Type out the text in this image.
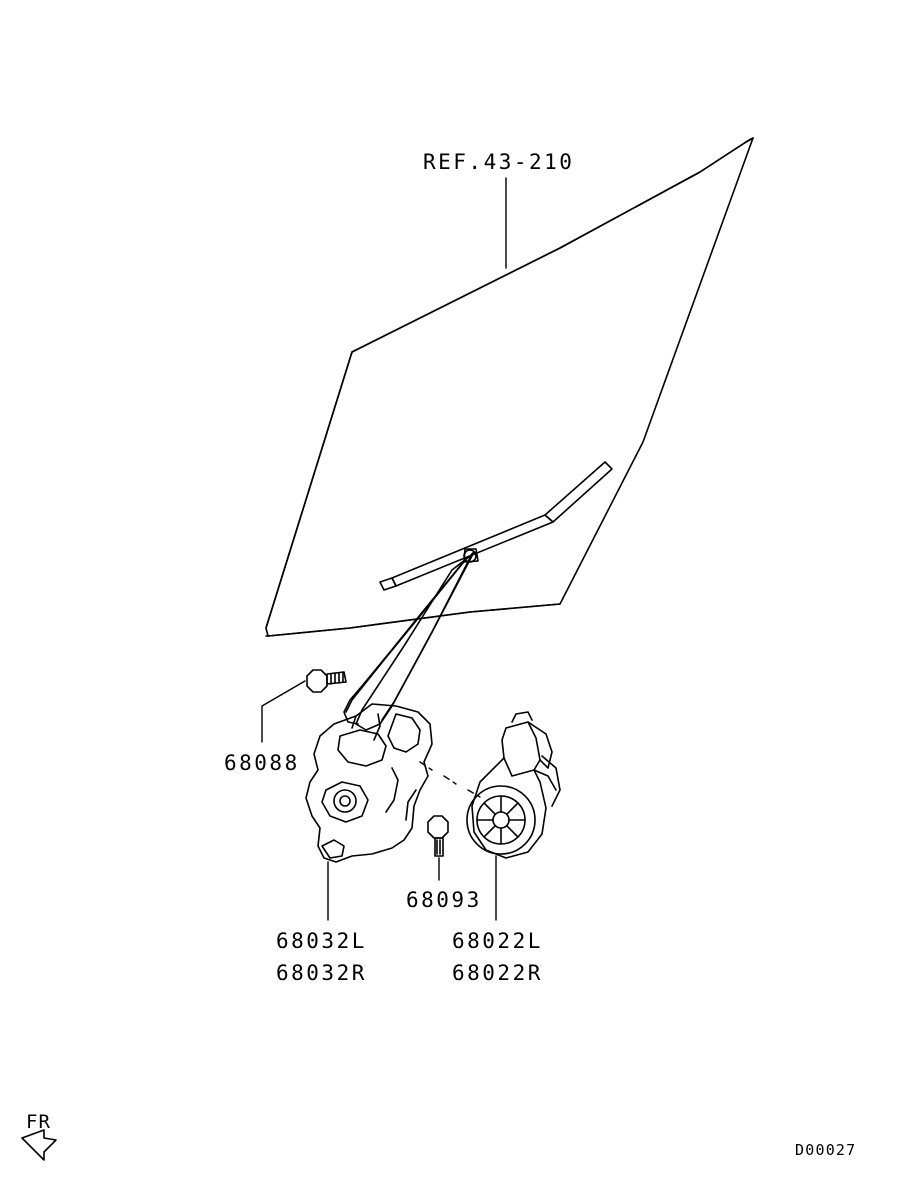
REF.43-210
68088
68093
68032L
68032R
68022L
68022R
FR
D00027
